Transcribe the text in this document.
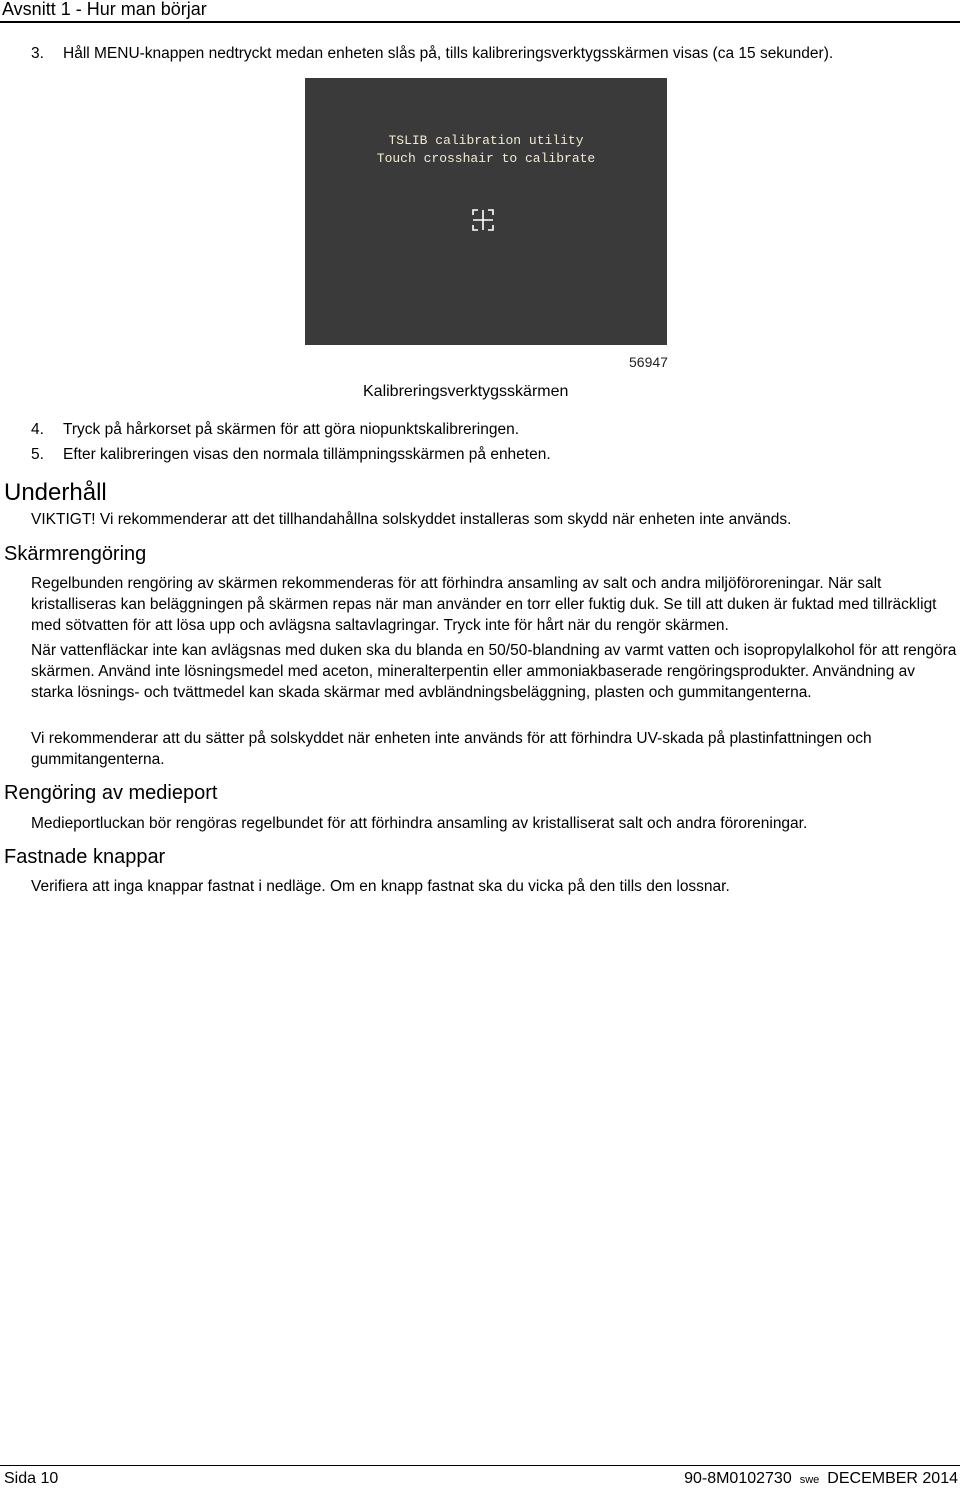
Avsnitt 1 - Hur man börjar
3. Håll MENU-knappen nedtryckt medan enheten slås på, tills kalibreringsverktygsskärmen visas (ca 15 sekunder).
TSLIB calibration utility
Touch crosshair to calibrate
56947
Kalibreringsverktygsskärmen
4. Tryck på hårkorset på skärmen för att göra niopunktskalibreringen.
5. Efter kalibreringen visas den normala tillämpningsskärmen på enheten.
Underhåll
VIKTIGT! Vi rekommenderar att det tillhandahållna solskyddet installeras som skydd när enheten inte används.
Skärmrengöring
Regelbunden rengöring av skärmen rekommenderas för att förhindra ansamling av salt och andra miljöföroreningar. När salt kristalliseras kan beläggningen på skärmen repas när man använder en torr eller fuktig duk. Se till att duken är fuktad med tillräckligt med sötvatten för att lösa upp och avlägsna saltavlagringar. Tryck inte för hårt när du rengör skärmen.
När vattenfläckar inte kan avlägsnas med duken ska du blanda en 50/50-blandning av varmt vatten och isopropylalkohol för att rengöra skärmen. Använd inte lösningsmedel med aceton, mineralterpentin eller ammoniakbaserade rengöringsprodukter. Användning av starka lösnings- och tvättmedel kan skada skärmar med avbländningsbeläggning, plasten och gummitangenterna.
Vi rekommenderar att du sätter på solskyddet när enheten inte används för att förhindra UV-skada på plastinfattningen och gummitangenterna.
Rengöring av medieport
Medieportluckan bör rengöras regelbundet för att förhindra ansamling av kristalliserat salt och andra föroreningar.
Fastnade knappar
Verifiera att inga knappar fastnat i nedläge. Om en knapp fastnat ska du vicka på den tills den lossnar.
Sida 10	90-8M0102730 swe DECEMBER 2014
